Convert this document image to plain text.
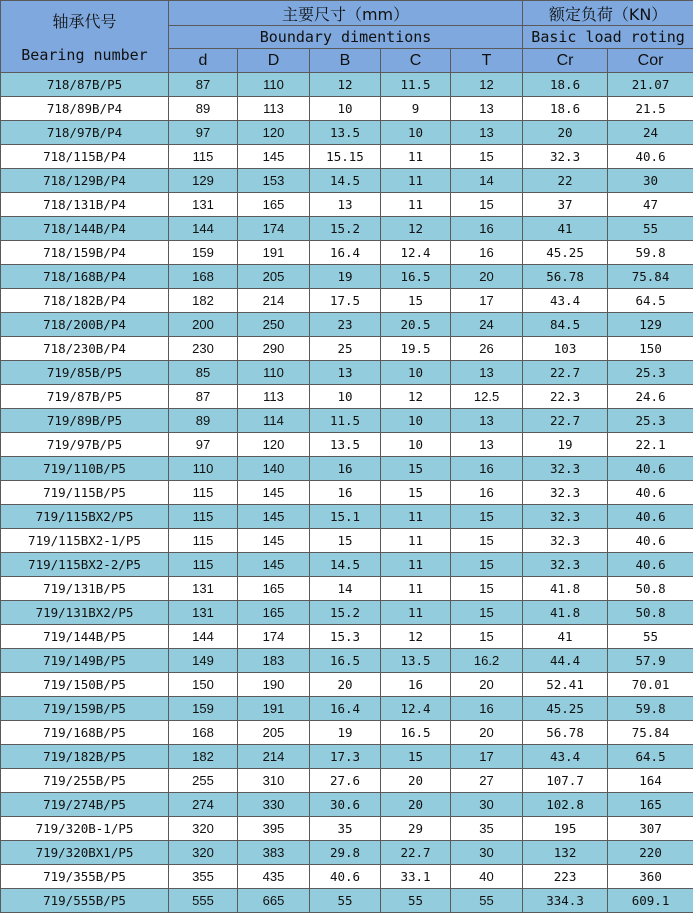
轴承代号
Bearing number	主要尺寸（mm）					额定负荷（KN）	

	Boundary dimentions					Basic load roting	
	d	D	B	C	T	Cr	Cor
718/87B/P5	87	110	12	11.5	12	18.6	21.07
718/89B/P4	89	113	10	9	13	18.6	21.5
718/97B/P4	97	120	13.5	10	13	20	24
718/115B/P4	115	145	15.15	11	15	32.3	40.6
718/129B/P4	129	153	14.5	11	14	22	30
718/131B/P4	131	165	13	11	15	37	47
718/144B/P4	144	174	15.2	12	16	41	55
718/159B/P4	159	191	16.4	12.4	16	45.25	59.8
718/168B/P4	168	205	19	16.5	20	56.78	75.84
718/182B/P4	182	214	17.5	15	17	43.4	64.5
718/200B/P4	200	250	23	20.5	24	84.5	129
718/230B/P4	230	290	25	19.5	26	103	150
719/85B/P5	85	110	13	10	13	22.7	25.3
719/87B/P5	87	113	10	12	12.5	22.3	24.6
719/89B/P5	89	114	11.5	10	13	22.7	25.3
719/97B/P5	97	120	13.5	10	13	19	22.1
719/110B/P5	110	140	16	15	16	32.3	40.6
719/115B/P5	115	145	16	15	16	32.3	40.6
719/115BX2/P5	115	145	15.1	11	15	32.3	40.6
719/115BX2-1/P5	115	145	15	11	15	32.3	40.6
719/115BX2-2/P5	115	145	14.5	11	15	32.3	40.6
719/131B/P5	131	165	14	11	15	41.8	50.8
719/131BX2/P5	131	165	15.2	11	15	41.8	50.8
719/144B/P5	144	174	15.3	12	15	41	55
719/149B/P5	149	183	16.5	13.5	16.2	44.4	57.9
719/150B/P5	150	190	20	16	20	52.41	70.01
719/159B/P5	159	191	16.4	12.4	16	45.25	59.8
719/168B/P5	168	205	19	16.5	20	56.78	75.84
719/182B/P5	182	214	17.3	15	17	43.4	64.5
719/255B/P5	255	310	27.6	20	27	107.7	164
719/274B/P5	274	330	30.6	20	30	102.8	165
719/320B-1/P5	320	395	35	29	35	195	307
719/320BX1/P5	320	383	29.8	22.7	30	132	220
719/355B/P5	355	435	40.6	33.1	40	223	360
719/555B/P5	555	665	55	55	55	334.3	609.1
